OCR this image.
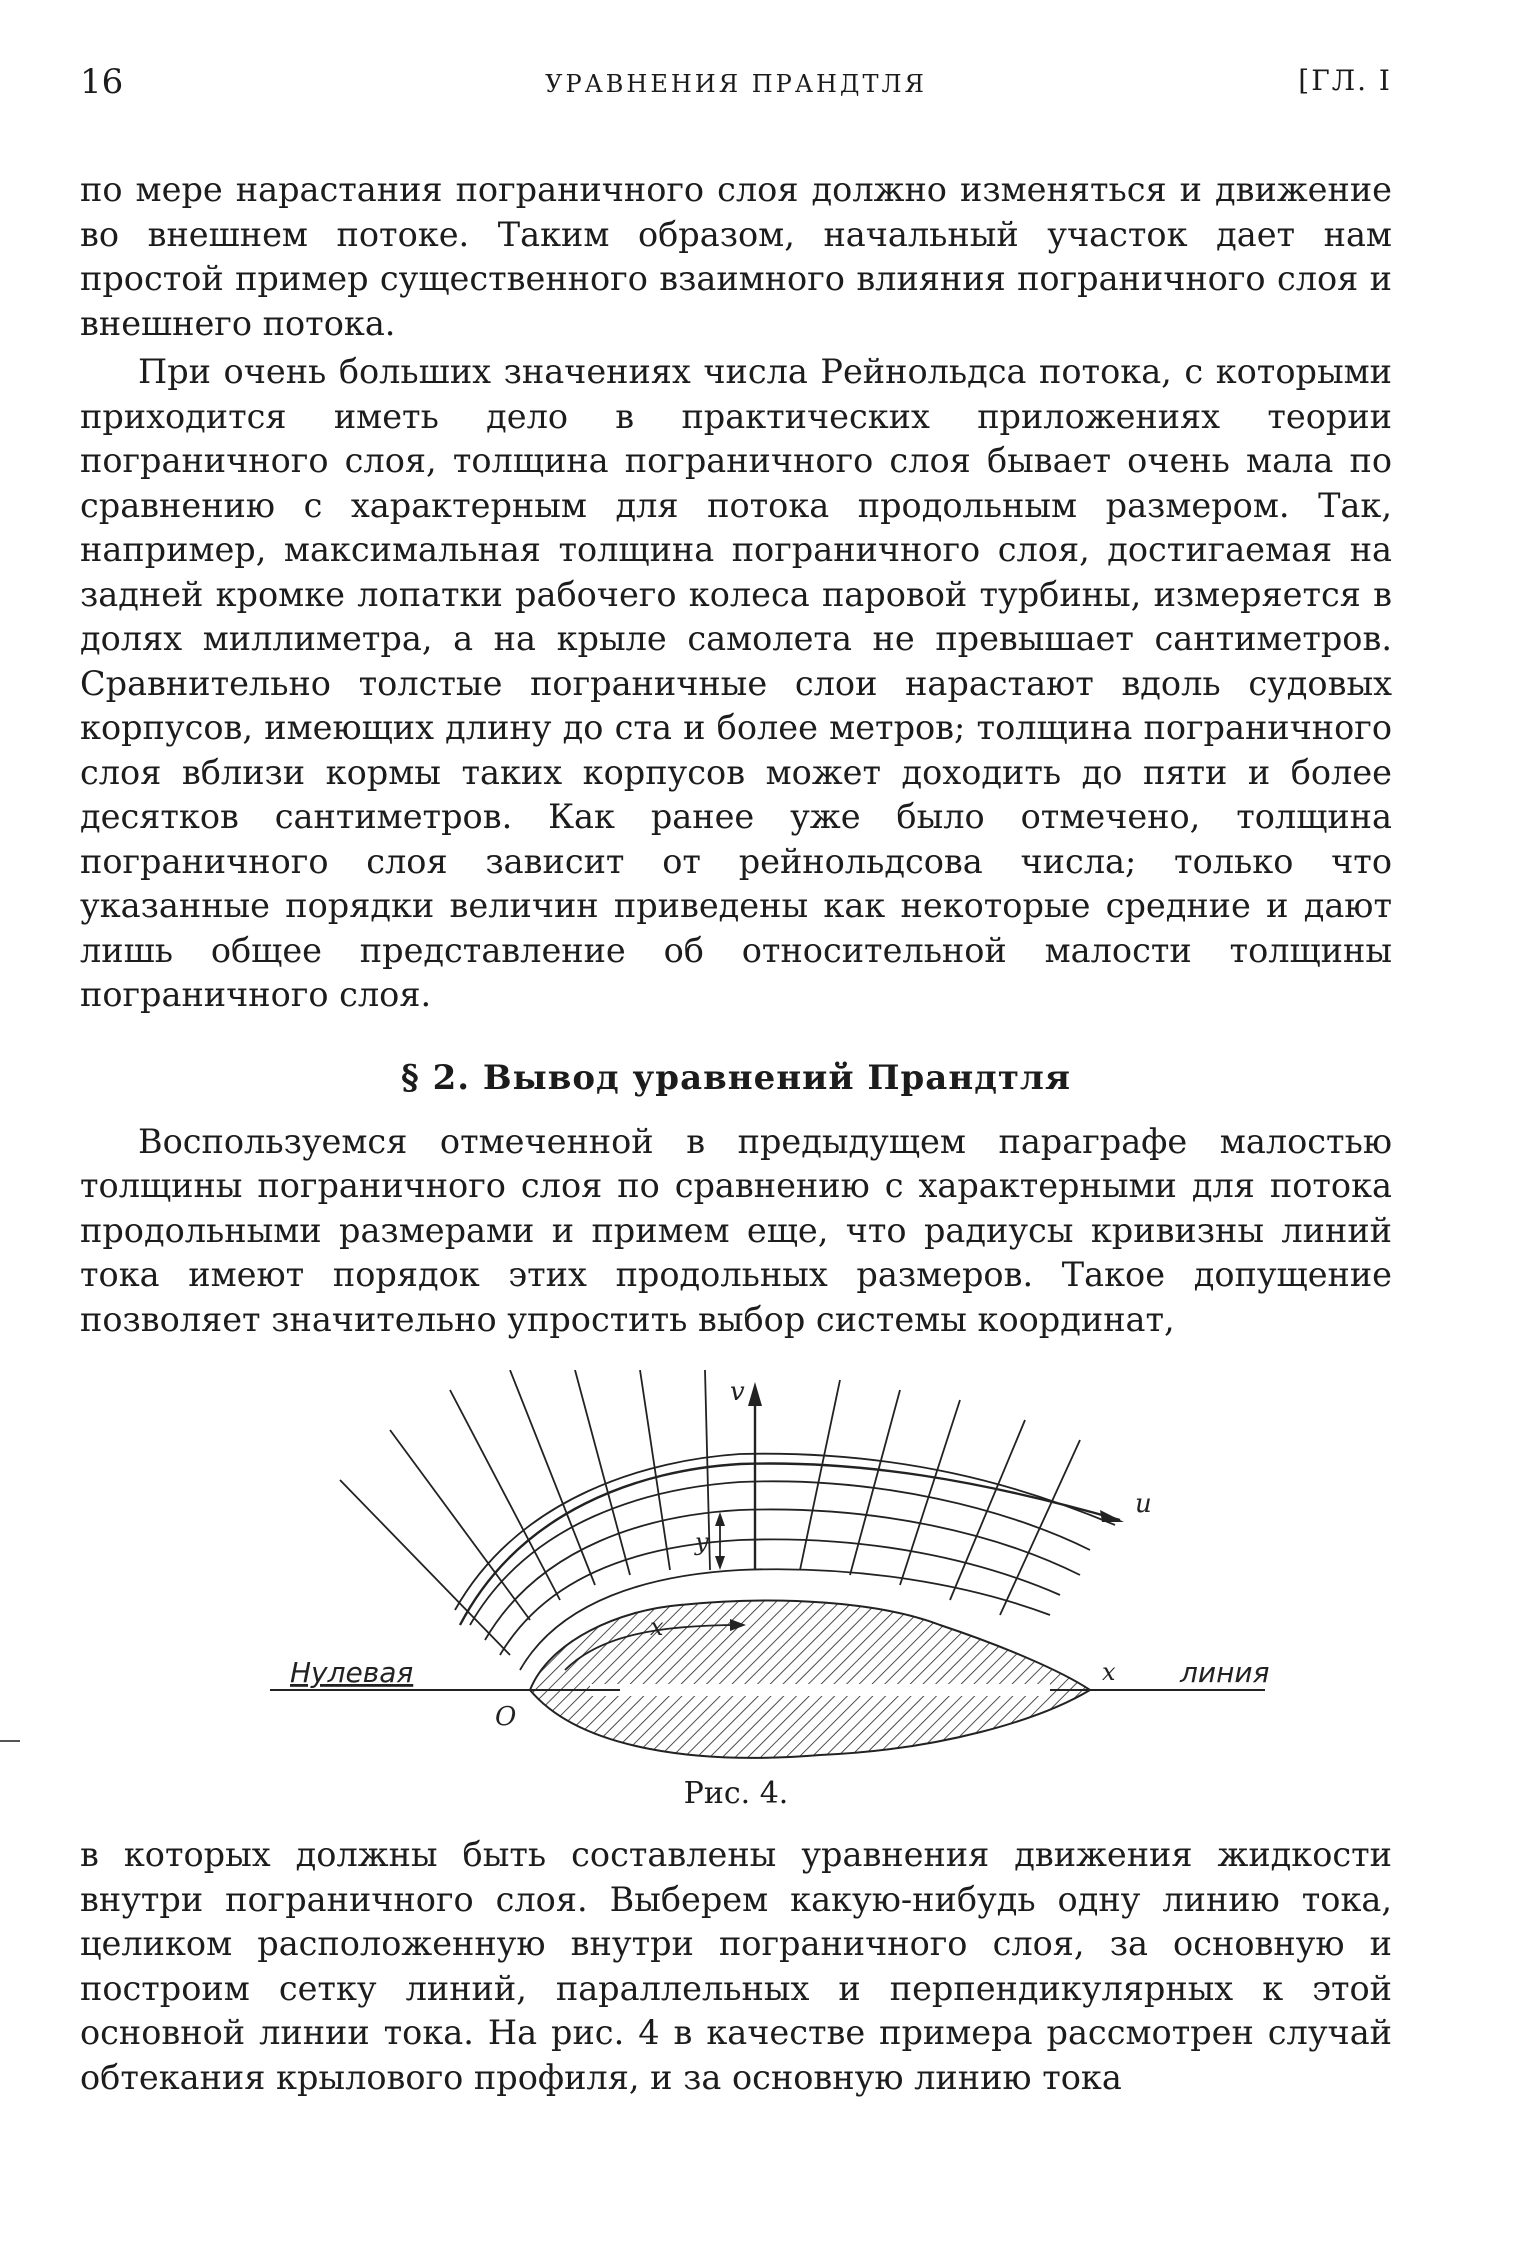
16	УРАВНЕНИЯ ПРАНДТЛЯ	[ГЛ. I

по мере нарастания пограничного слоя должно изменяться и движение во внешнем потоке. Таким образом, начальный участок дает нам простой пример существенного взаимного влияния пограничного слоя и внешнего потока.

При очень больших значениях числа Рейнольдса потока, с которыми приходится иметь дело в практических приложениях теории пограничного слоя, толщина пограничного слоя бывает очень мала по сравнению с характерным для потока продольным размером. Так, например, максимальная толщина пограничного слоя, достигаемая на задней кромке лопатки рабочего колеса паровой турбины, измеряется в долях миллиметра, а на крыле самолета не превышает сантиметров. Сравнительно толстые пограничные слои нарастают вдоль судовых корпусов, имеющих длину до ста и более метров; толщина пограничного слоя вблизи кормы таких корпусов может доходить до пяти и более десятков сантиметров. Как ранее уже было отмечено, толщина пограничного слоя зависит от рейнольдсова числа; только что указанные порядки величин приведены как некоторые средние и дают лишь общее представление об относительной малости толщины пограничного слоя.

§ 2. Вывод уравнений Прандтля

Воспользуемся отмеченной в предыдущем параграфе малостью толщины пограничного слоя по сравнению с характерными для потока продольными размерами и примем еще, что радиусы кривизны линий тока имеют порядок этих продольных размеров. Такое допущение позволяет значительно упростить выбор системы координат,

Нулевая	линия
O
x
x
y
u
v
Рис. 4.

в которых должны быть составлены уравнения движения жидкости внутри пограничного слоя. Выберем какую-нибудь одну линию тока, целиком расположенную внутри пограничного слоя, за основную и построим сетку линий, параллельных и перпендикулярных к этой основной линии тока. На рис. 4 в качестве примера рассмотрен случай обтекания крылового профиля, и за основную линию тока
